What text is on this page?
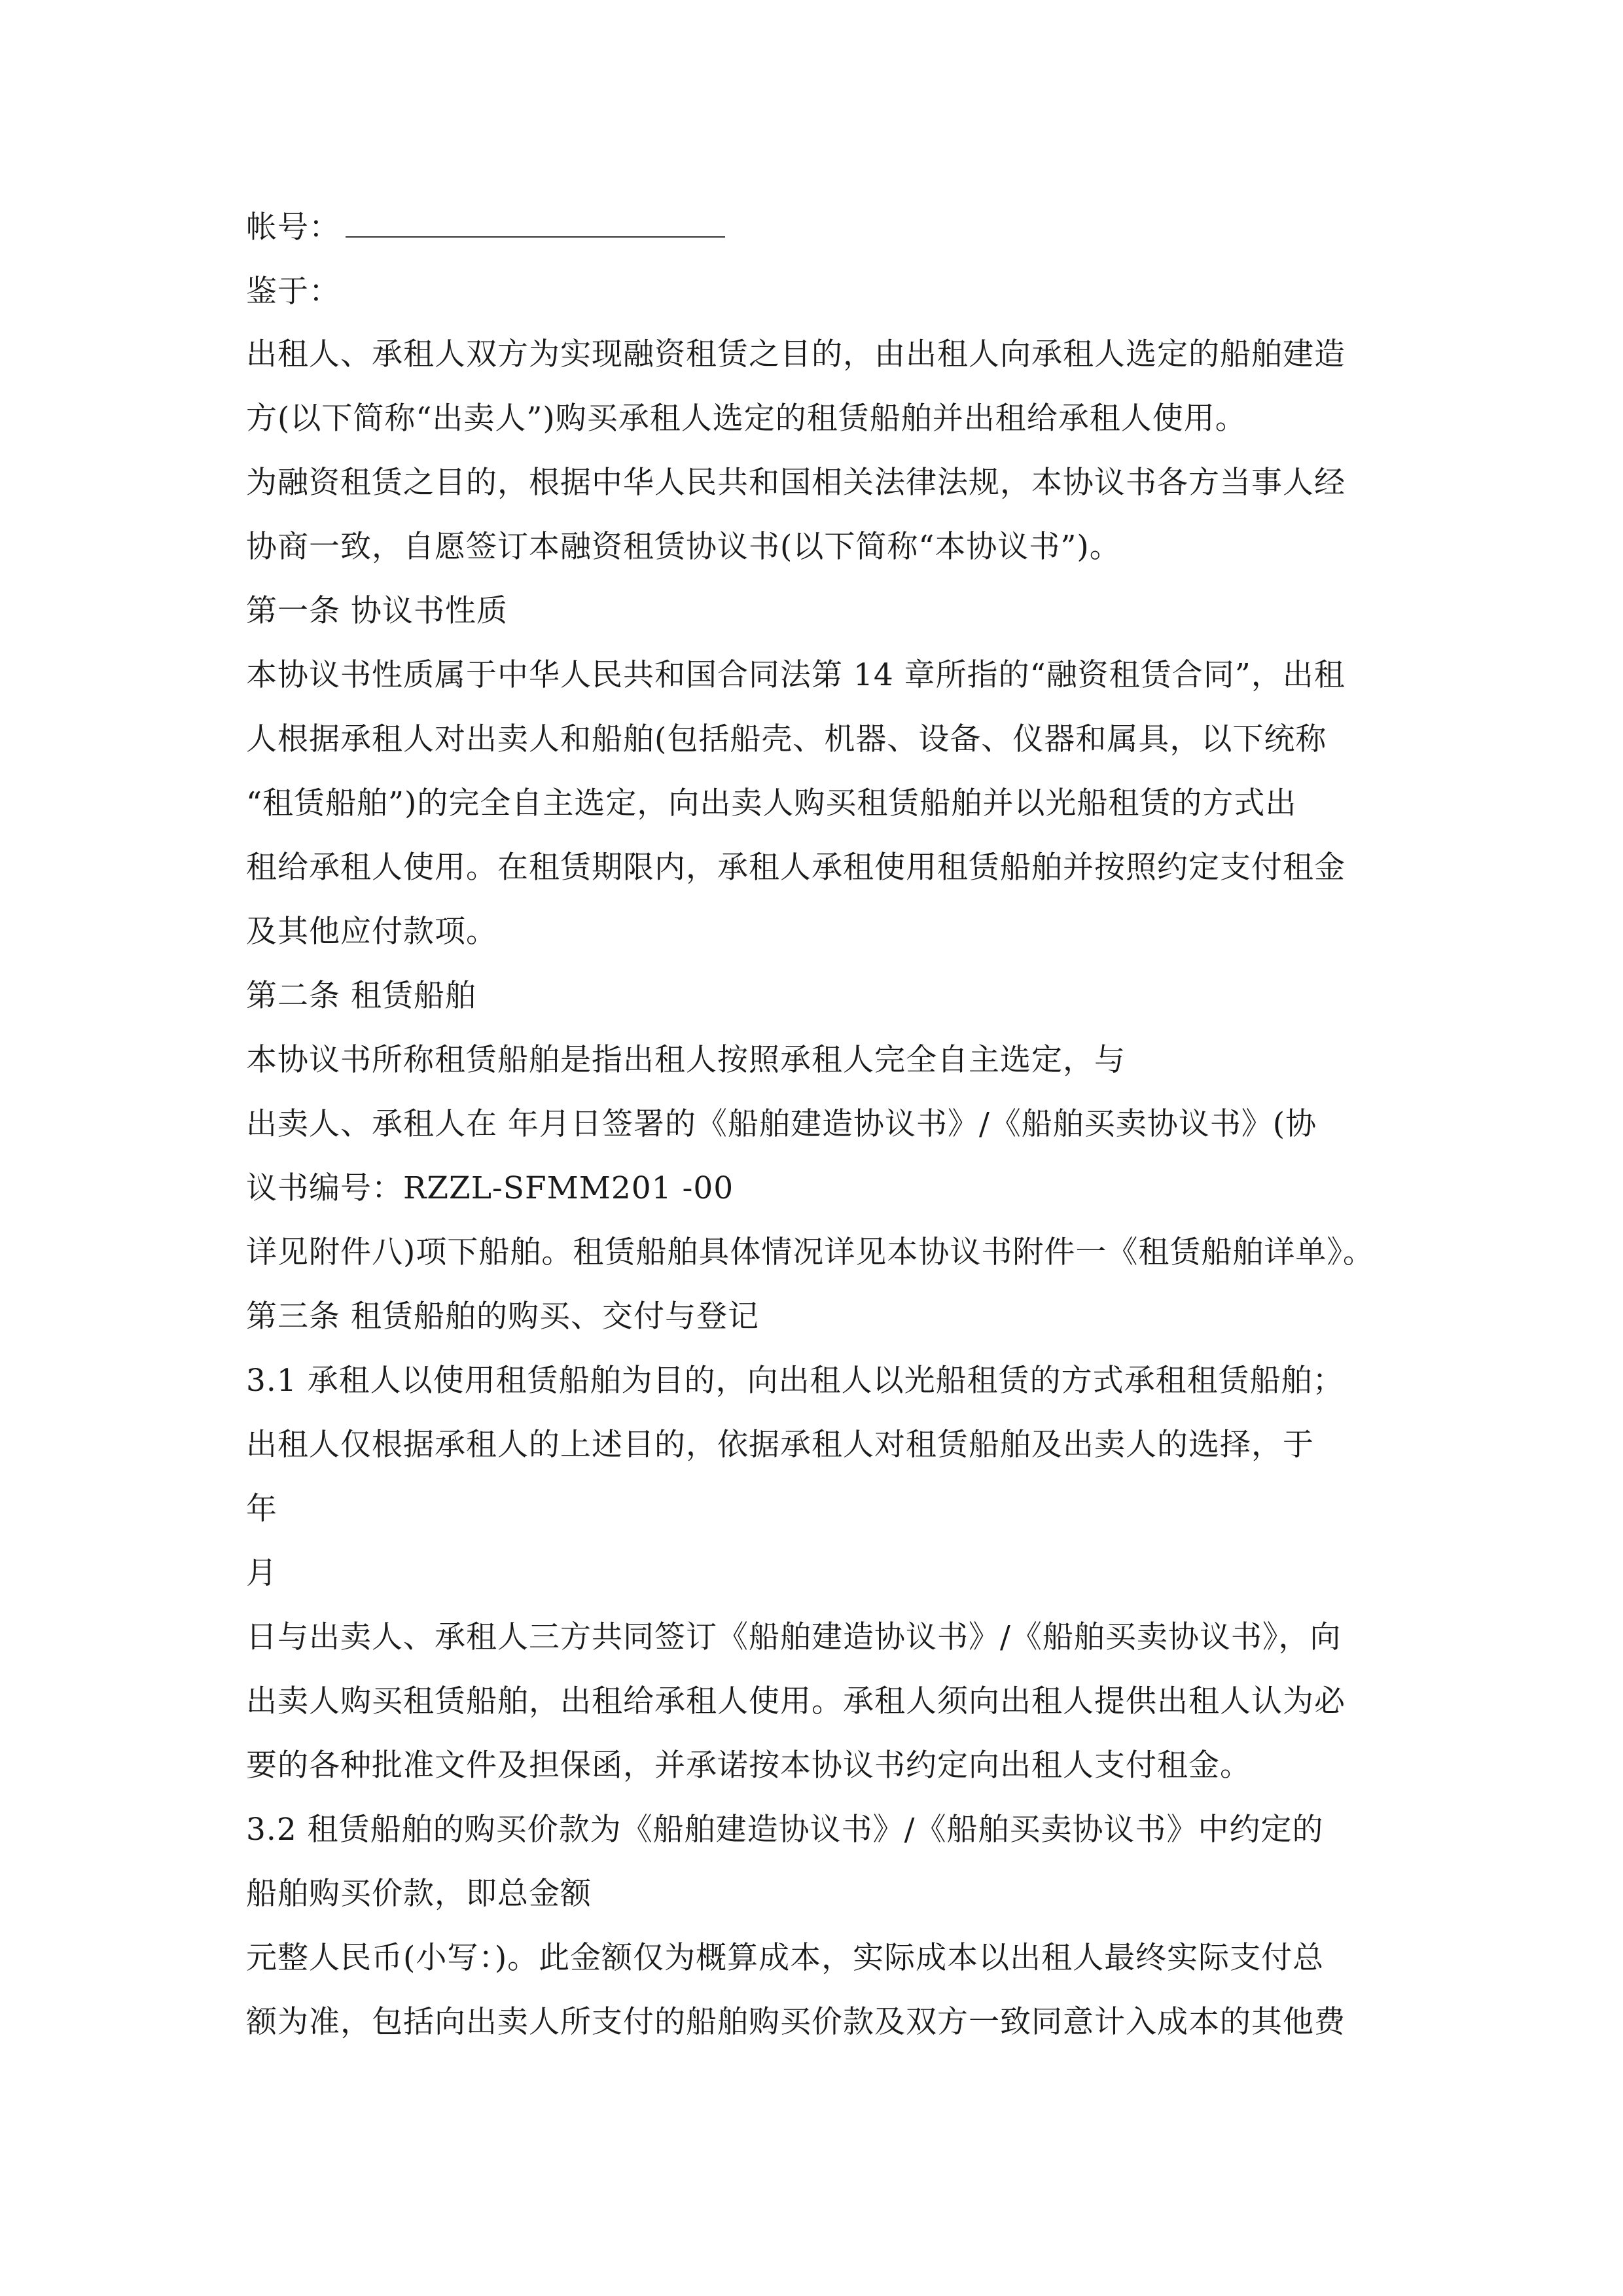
帐号：
鉴于：
出租人、承租人双方为实现融资租赁之目的，由出租人向承租人选定的船舶建造
方(以下简称“出卖人”)购买承租人选定的租赁船舶并出租给承租人使用。
为融资租赁之目的，根据中华人民共和国相关法律法规，本协议书各方当事人经
协商一致，自愿签订本融资租赁协议书(以下简称“本协议书”)。
第一条 协议书性质
本协议书性质属于中华人民共和国合同法第 14 章所指的“融资租赁合同”，出租
人根据承租人对出卖人和船舶(包括船壳、机器、设备、仪器和属具，以下统称
“租赁船舶”)的完全自主选定，向出卖人购买租赁船舶并以光船租赁的方式出
租给承租人使用。在租赁期限内，承租人承租使用租赁船舶并按照约定支付租金
及其他应付款项。
第二条 租赁船舶
本协议书所称租赁船舶是指出租人按照承租人完全自主选定，与
出卖人、承租人在 年月日签署的《船舶建造协议书》/《船舶买卖协议书》(协
议书编号：RZZL-SFMM201 -00
详见附件八)项下船舶。租赁船舶具体情况详见本协议书附件一《租赁船舶详单》。
第三条 租赁船舶的购买、交付与登记
3.1 承租人以使用租赁船舶为目的，向出租人以光船租赁的方式承租租赁船舶；
出租人仅根据承租人的上述目的，依据承租人对租赁船舶及出卖人的选择，于
年
月
日与出卖人、承租人三方共同签订《船舶建造协议书》/《船舶买卖协议书》，向
出卖人购买租赁船舶，出租给承租人使用。承租人须向出租人提供出租人认为必
要的各种批准文件及担保函，并承诺按本协议书约定向出租人支付租金。
3.2 租赁船舶的购买价款为《船舶建造协议书》/《船舶买卖协议书》中约定的
船舶购买价款，即总金额
元整人民币(小写：)。此金额仅为概算成本，实际成本以出租人最终实际支付总
额为准，包括向出卖人所支付的船舶购买价款及双方一致同意计入成本的其他费
